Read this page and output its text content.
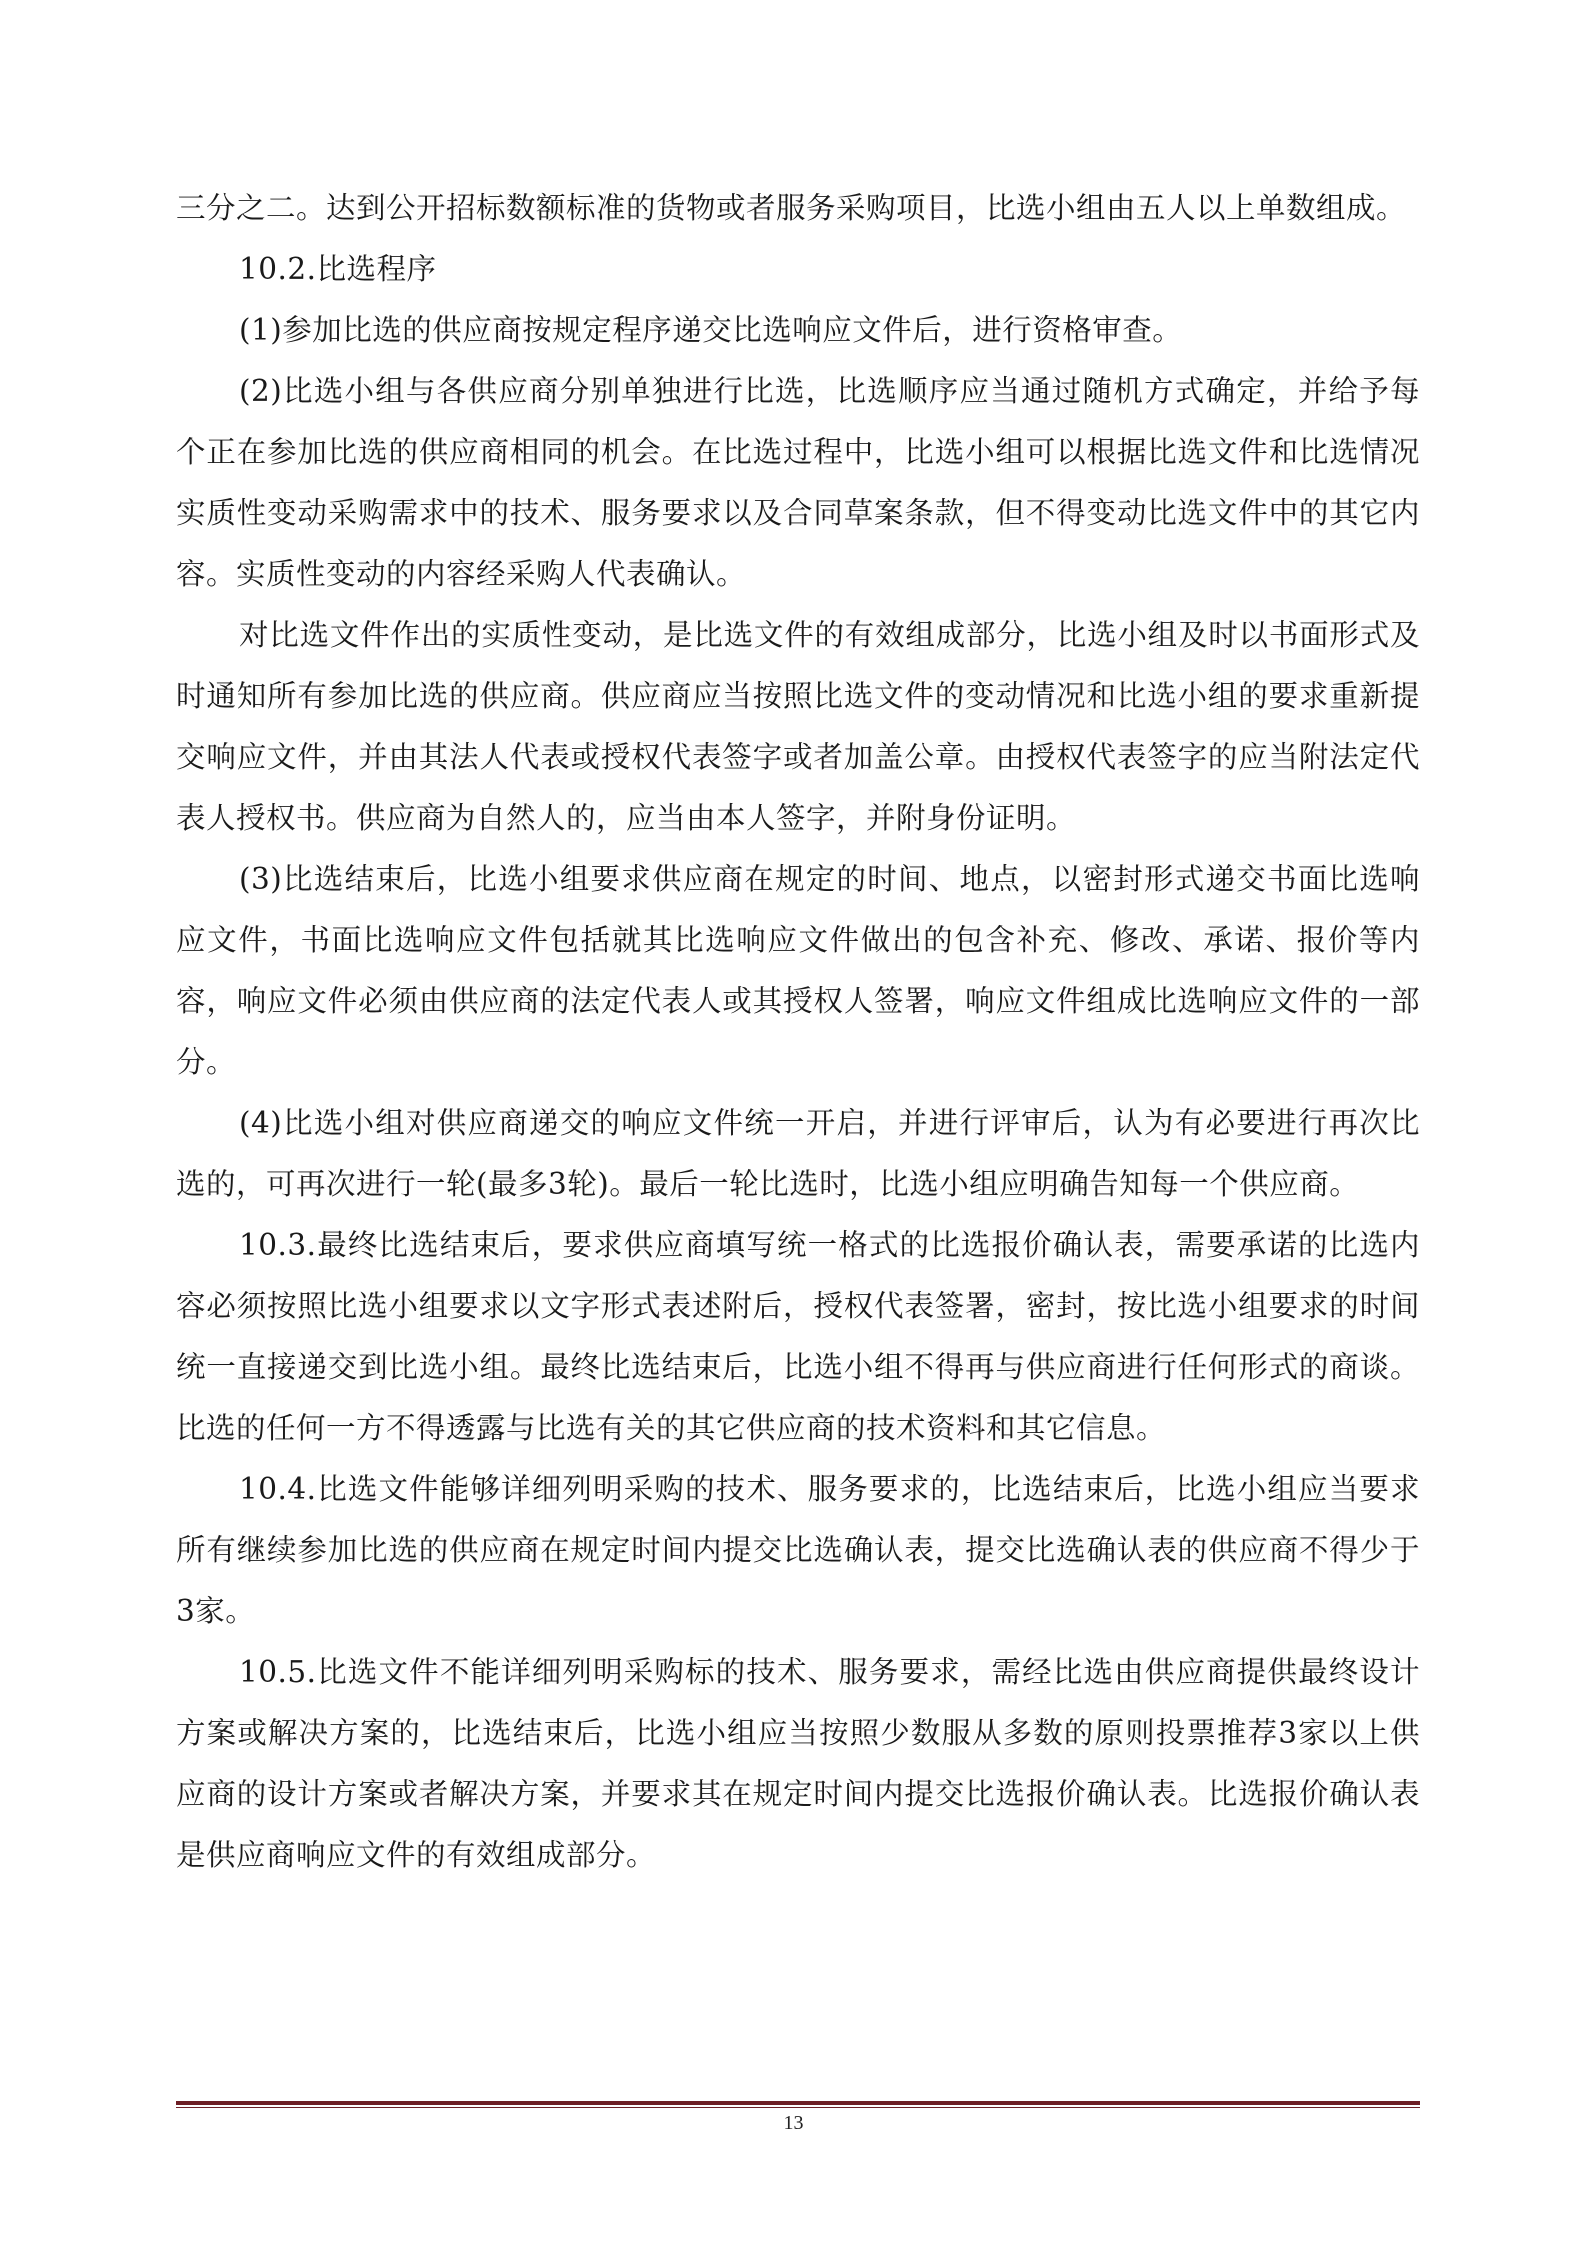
三分之二。达到公开招标数额标准的货物或者服务采购项目，比选小组由五人以上单数组成。

10.2.比选程序

(1)参加比选的供应商按规定程序递交比选响应文件后，进行资格审查。

(2)比选小组与各供应商分别单独进行比选，比选顺序应当通过随机方式确定，并给予每个正在参加比选的供应商相同的机会。在比选过程中，比选小组可以根据比选文件和比选情况实质性变动采购需求中的技术、服务要求以及合同草案条款，但不得变动比选文件中的其它内容。实质性变动的内容经采购人代表确认。

对比选文件作出的实质性变动，是比选文件的有效组成部分，比选小组及时以书面形式及时通知所有参加比选的供应商。供应商应当按照比选文件的变动情况和比选小组的要求重新提交响应文件，并由其法人代表或授权代表签字或者加盖公章。由授权代表签字的应当附法定代表人授权书。供应商为自然人的，应当由本人签字，并附身份证明。

(3)比选结束后，比选小组要求供应商在规定的时间、地点，以密封形式递交书面比选响应文件，书面比选响应文件包括就其比选响应文件做出的包含补充、修改、承诺、报价等内容，响应文件必须由供应商的法定代表人或其授权人签署，响应文件组成比选响应文件的一部分。

(4)比选小组对供应商递交的响应文件统一开启，并进行评审后，认为有必要进行再次比选的，可再次进行一轮(最多3轮)。最后一轮比选时，比选小组应明确告知每一个供应商。

10.3.最终比选结束后，要求供应商填写统一格式的比选报价确认表，需要承诺的比选内容必须按照比选小组要求以文字形式表述附后，授权代表签署，密封，按比选小组要求的时间统一直接递交到比选小组。最终比选结束后，比选小组不得再与供应商进行任何形式的商谈。比选的任何一方不得透露与比选有关的其它供应商的技术资料和其它信息。

10.4.比选文件能够详细列明采购的技术、服务要求的，比选结束后，比选小组应当要求所有继续参加比选的供应商在规定时间内提交比选确认表，提交比选确认表的供应商不得少于3家。

10.5.比选文件不能详细列明采购标的技术、服务要求，需经比选由供应商提供最终设计方案或解决方案的，比选结束后，比选小组应当按照少数服从多数的原则投票推荐3家以上供应商的设计方案或者解决方案，并要求其在规定时间内提交比选报价确认表。比选报价确认表是供应商响应文件的有效组成部分。

13
